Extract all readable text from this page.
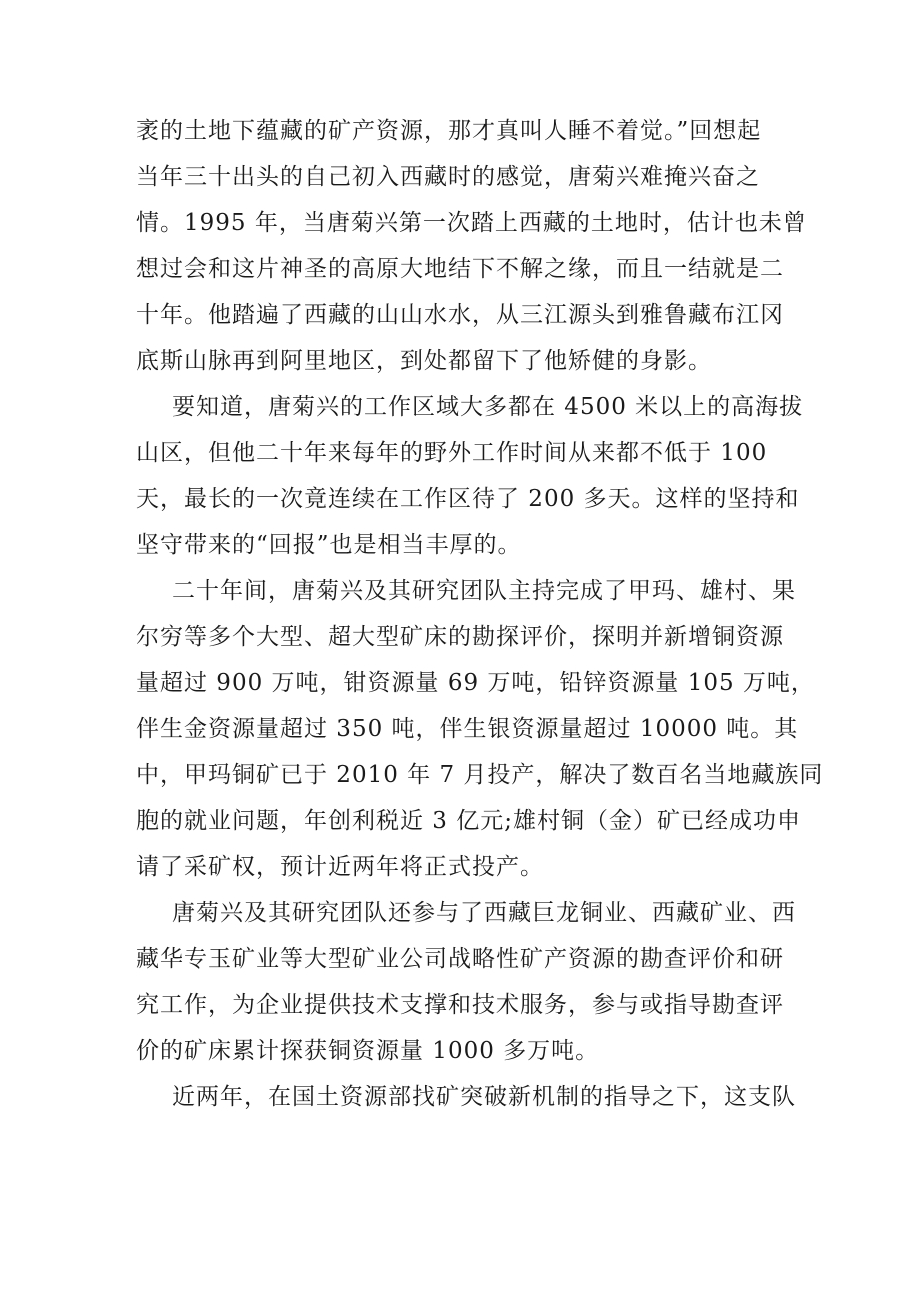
袤的土地下蕴藏的矿产资源，那才真叫人睡不着觉。”回想起
当年三十出头的自己初入西藏时的感觉，唐菊兴难掩兴奋之
情。1995 年，当唐菊兴第一次踏上西藏的土地时，估计也未曾
想过会和这片神圣的高原大地结下不解之缘，而且一结就是二
十年。他踏遍了西藏的山山水水，从三江源头到雅鲁藏布江冈
底斯山脉再到阿里地区，到处都留下了他矫健的身影。
要知道，唐菊兴的工作区域大多都在 4500 米以上的高海拔
山区，但他二十年来每年的野外工作时间从来都不低于 100
天，最长的一次竟连续在工作区待了 200 多天。这样的坚持和
坚守带来的“回报”也是相当丰厚的。
二十年间，唐菊兴及其研究团队主持完成了甲玛、雄村、果
尔穷等多个大型、超大型矿床的勘探评价，探明并新增铜资源
量超过 900 万吨，钳资源量 69 万吨，铅锌资源量 105 万吨，
伴生金资源量超过 350 吨，伴生银资源量超过 10000 吨。其
中，甲玛铜矿已于 2010 年 7 月投产，解决了数百名当地藏族同
胞的就业问题，年创利税近 3 亿元;雄村铜（金）矿已经成功申
请了采矿权，预计近两年将正式投产。
唐菊兴及其研究团队还参与了西藏巨龙铜业、西藏矿业、西
藏华专玉矿业等大型矿业公司战略性矿产资源的勘查评价和研
究工作，为企业提供技术支撑和技术服务，参与或指导勘查评
价的矿床累计探获铜资源量 1000 多万吨。
近两年，在国土资源部找矿突破新机制的指导之下，这支队
